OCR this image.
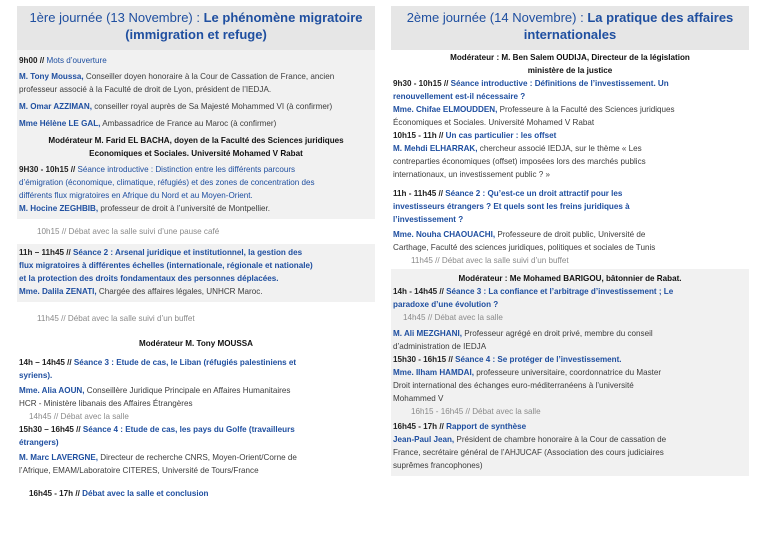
1ère journée (13 Novembre) : Le phénomène migratoire (immigration et refuge)

9h00 // Mots d’ouverture

M. Tony Moussa, Conseiller doyen honoraire à la Cour de Cassation de France, ancien

professeur associé à la Faculté de droit de Lyon, président de l’IEDJA.

M. Omar AZZIMAN, conseiller royal auprès de Sa Majesté Mohammed VI (à confirmer)

Mme Hélène LE GAL, Ambassadrice de France au Maroc (à confirmer)

Modérateur M. Farid EL BACHA, doyen de la Faculté des Sciences juridiques

Economiques et Sociales. Université Mohamed V Rabat

9H30 - 10h15 // Séance introductive : Distinction entre les différents parcours

d’émigration (économique, climatique, réfugiés) et des zones de concentration des

différents flux migratoires en Afrique du Nord et au Moyen-Orient.

M. Hocine ZEGHBIB, professeur de droit à l’université de Montpellier.

10h15 // Débat avec la salle suivi d’une pause café

11h – 11h45 // Séance 2 : Arsenal juridique et institutionnel, la gestion des

flux migratoires à différentes échelles (internationale, régionale et nationale)

et la protection des droits fondamentaux des personnes déplacées.

Mme. Dalila ZENATI, Chargée des affaires légales, UNHCR Maroc.

11h45 // Débat avec la salle suivi d’un buffet

Modérateur M. Tony MOUSSA

14h – 14h45 // Séance 3 : Etude de cas, le Liban (réfugiés palestiniens et

syriens).

Mme. Alia AOUN, Conseillère Juridique Principale en Affaires Humanitaires

HCR - Ministère libanais des Affaires Étrangères

14h45 // Débat avec la salle

15h30 – 16h45 // Séance 4 : Etude de cas, les pays du Golfe (travailleurs

étrangers)

M. Marc LAVERGNE, Directeur de recherche CNRS, Moyen-Orient/Corne de

l’Afrique, EMAM/Laboratoire CITERES, Université de Tours/France

16h45 - 17h // Débat avec la salle et conclusion

2ème journée (14 Novembre) : La pratique des affaires internationales

Modérateur : M. Ben Salem OUDIJA, Directeur de la législation

ministère de la justice

9h30 - 10h15 // Séance introductive : Définitions de l’investissement. Un

renouvellement est-il nécessaire ?

Mme. Chifae ELMOUDDEN, Professeure à la Faculté des Sciences juridiques

Économiques et Sociales. Université Mohamed V Rabat

10h15 - 11h // Un cas particulier : les offset

M. Mehdi ELHARRAK, chercheur associé IEDJA, sur le thème « Les

contreparties économiques (offset) imposées lors des marchés publics

internationaux, un investissement public ? »

11h - 11h45 // Séance 2 : Qu’est-ce un droit attractif pour les

investisseurs étrangers ? Et quels sont les freins juridiques à

l’investissement ?

Mme. Nouha CHAOUACHI, Professeure de droit public, Université de

Carthage, Faculté des sciences juridiques, politiques et sociales de Tunis

11h45 // Débat avec la salle suivi d’un buffet

Modérateur : Me Mohamed BARIGOU, bâtonnier de Rabat.

14h - 14h45 // Séance 3 : La confiance et l’arbitrage d’investissement ; Le

paradoxe d’une évolution ?

14h45 // Débat avec la salle

M. Ali MEZGHANI, Professeur agrégé en droit privé, membre du conseil

d’administration de IEDJA

15h30 - 16h15 // Séance 4 : Se protéger de l’investissement.

Mme. Ilham HAMDAI, professeure universitaire, coordonnatrice du Master

Droit international des échanges euro-méditerranéens à l’université

Mohammed V

16h15 - 16h45 // Débat avec la salle

16h45 - 17h // Rapport de synthèse

Jean-Paul Jean, Président de chambre honoraire à la Cour de cassation de

France, secrétaire général de l’AHJUCAF (Association des cours judiciaires

suprêmes francophones)
